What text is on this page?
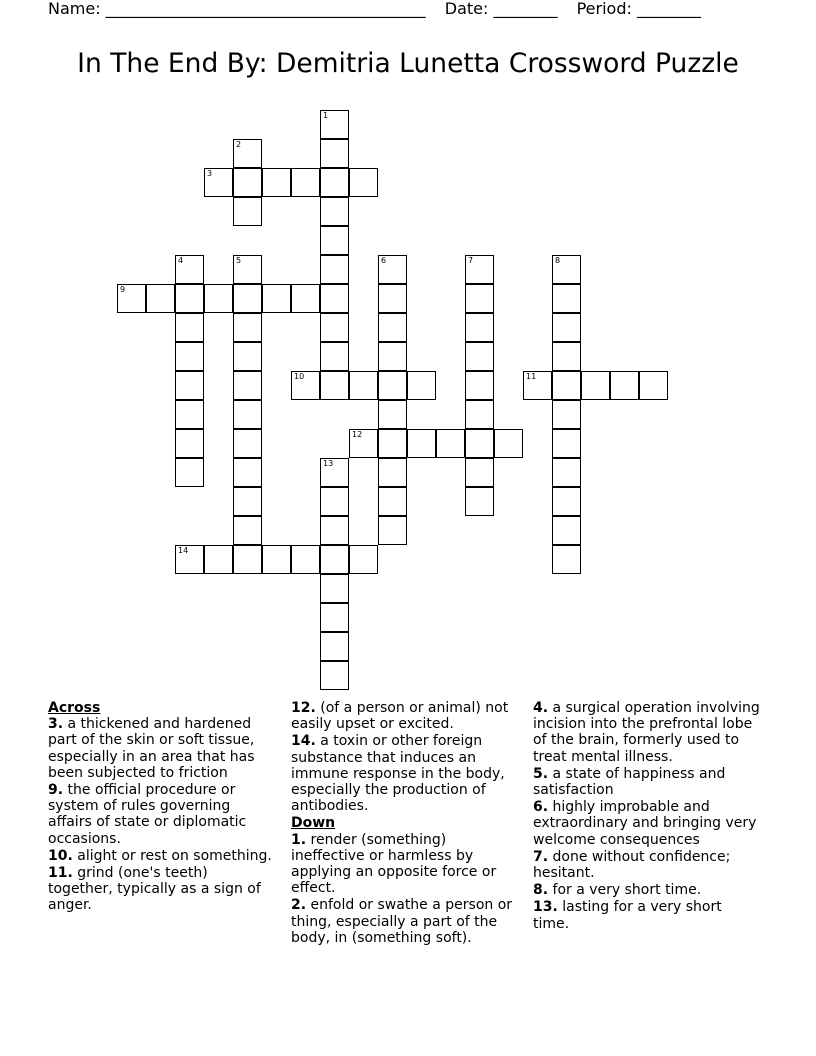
Name: ________________________________________ Date: ________ Period: ________
In The End By: Demitria Lunetta Crossword Puzzle
1
2
3
4	5	6	7	8
9
10	11
12
13
14
Across
3. a thickened and hardened part of the skin or soft tissue, especially in an area that has been subjected to friction
9. the official procedure or system of rules governing affairs of state or diplomatic occasions.
10. alight or rest on something.
11. grind (one's teeth) together, typically as a sign of anger.
12. (of a person or animal) not easily upset or excited.
14. a toxin or other foreign substance that induces an immune response in the body, especially the production of antibodies.
Down
1. render (something) ineffective or harmless by applying an opposite force or effect.
2. enfold or swathe a person or thing, especially a part of the body, in (something soft).
4. a surgical operation involving incision into the prefrontal lobe of the brain, formerly used to treat mental illness.
5. a state of happiness and satisfaction
6. highly improbable and extraordinary and bringing very welcome consequences
7. done without confidence; hesitant.
8. for a very short time.
13. lasting for a very short time.
